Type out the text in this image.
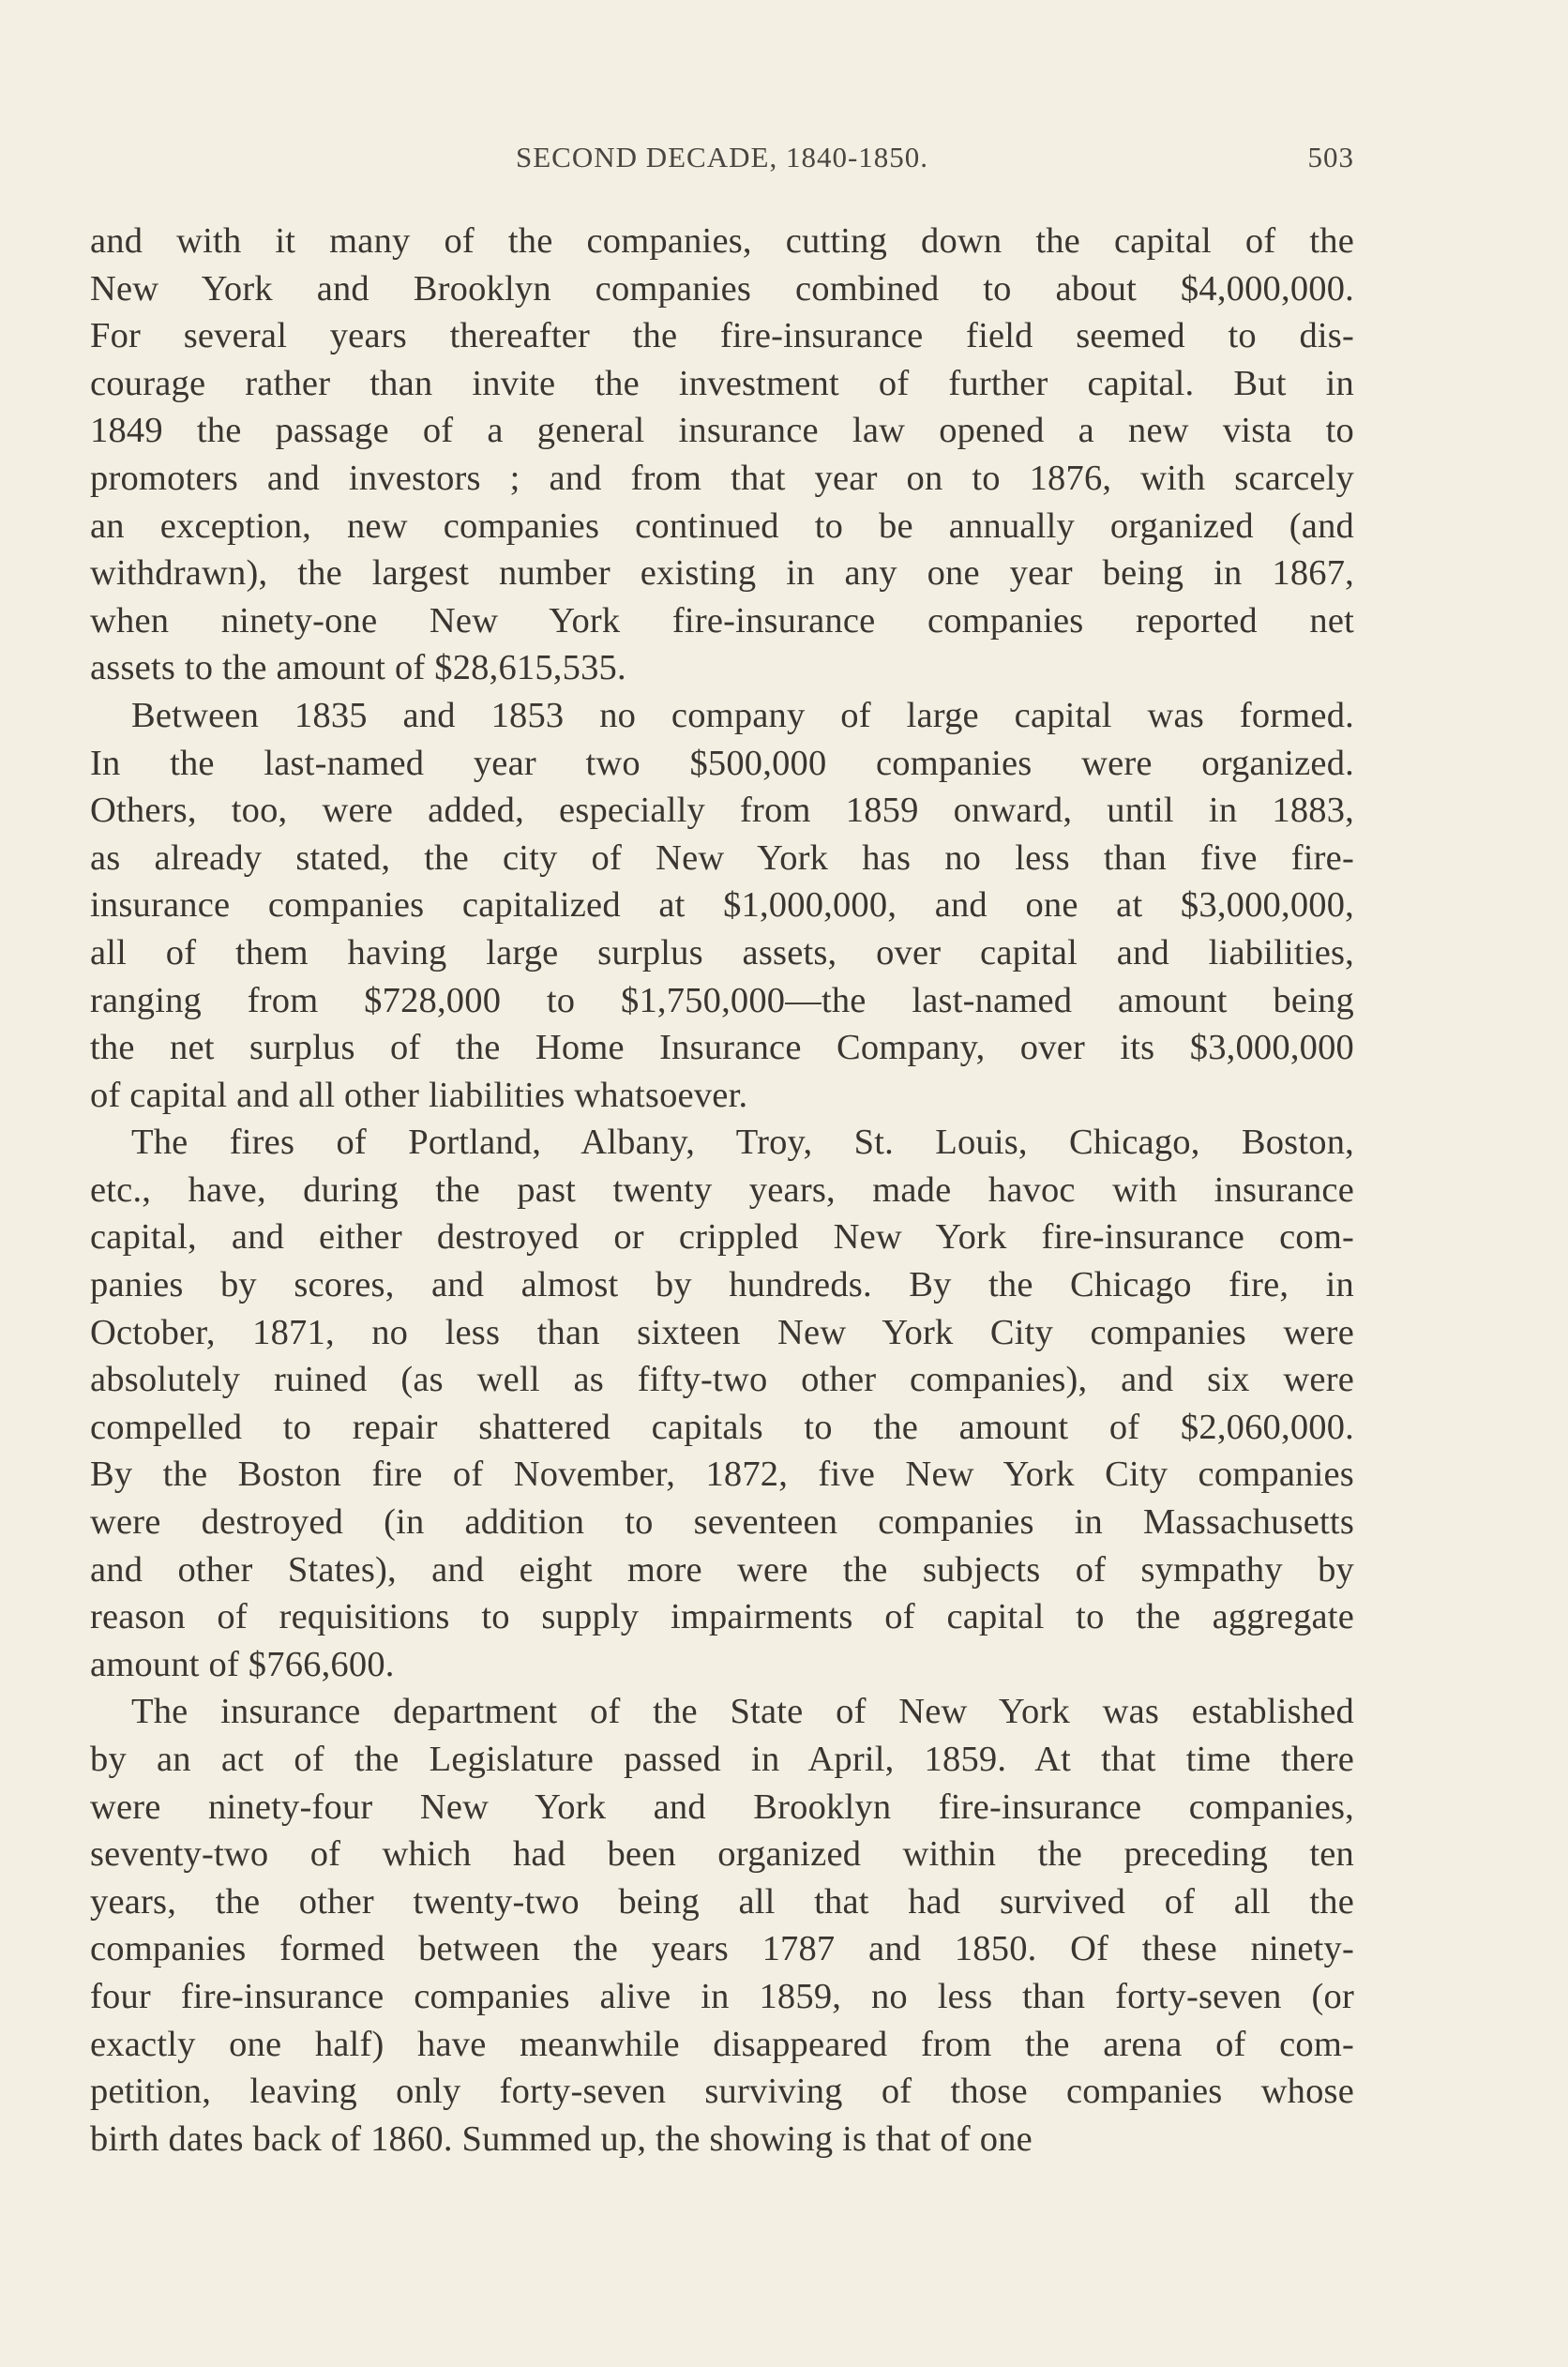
SECOND DECADE, 1840-1850.	503
and with it many of the companies, cutting down the capital of the
New York and Brooklyn companies combined to about $4,000,000.
For several years thereafter the fire-insurance field seemed to dis-
courage rather than invite the investment of further capital. But in
1849 the passage of a general insurance law opened a new vista to
promoters and investors ; and from that year on to 1876, with scarcely
an exception, new companies continued to be annually organized (and
withdrawn), the largest number existing in any one year being in 1867,
when ninety-one New York fire-insurance companies reported net
assets to the amount of $28,615,535.
Between 1835 and 1853 no company of large capital was formed.
In the last-named year two $500,000 companies were organized.
Others, too, were added, especially from 1859 onward, until in 1883,
as already stated, the city of New York has no less than five fire-
insurance companies capitalized at $1,000,000, and one at $3,000,000,
all of them having large surplus assets, over capital and liabilities,
ranging from $728,000 to $1,750,000—the last-named amount being
the net surplus of the Home Insurance Company, over its $3,000,000
of capital and all other liabilities whatsoever.
The fires of Portland, Albany, Troy, St. Louis, Chicago, Boston,
etc., have, during the past twenty years, made havoc with insurance
capital, and either destroyed or crippled New York fire-insurance com-
panies by scores, and almost by hundreds. By the Chicago fire, in
October, 1871, no less than sixteen New York City companies were
absolutely ruined (as well as fifty-two other companies), and six were
compelled to repair shattered capitals to the amount of $2,060,000.
By the Boston fire of November, 1872, five New York City companies
were destroyed (in addition to seventeen companies in Massachusetts
and other States), and eight more were the subjects of sympathy by
reason of requisitions to supply impairments of capital to the aggregate
amount of $766,600.
The insurance department of the State of New York was established
by an act of the Legislature passed in April, 1859. At that time there
were ninety-four New York and Brooklyn fire-insurance companies,
seventy-two of which had been organized within the preceding ten
years, the other twenty-two being all that had survived of all the
companies formed between the years 1787 and 1850. Of these ninety-
four fire-insurance companies alive in 1859, no less than forty-seven (or
exactly one half) have meanwhile disappeared from the arena of com-
petition, leaving only forty-seven surviving of those companies whose
birth dates back of 1860. Summed up, the showing is that of one
